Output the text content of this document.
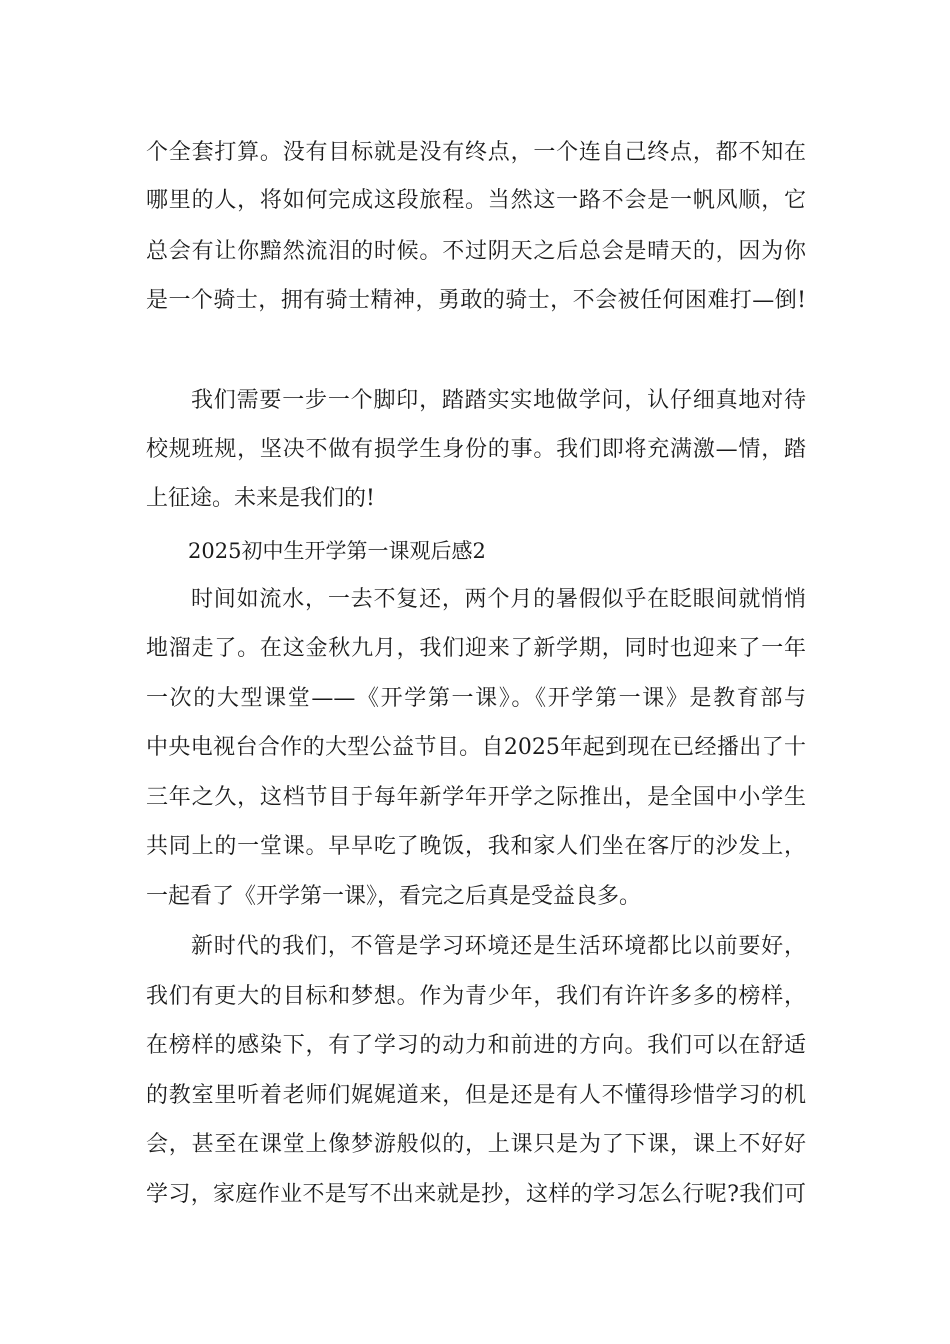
个全套打算。没有目标就是没有终点，一个连自己终点，都不知在
哪里的人，将如何完成这段旅程。当然这一路不会是一帆风顺，它
总会有让你黯然流泪的时候。不过阴天之后总会是晴天的，因为你
是一个骑士，拥有骑士精神，勇敢的骑士，不会被任何困难打—倒!
我们需要一步一个脚印，踏踏实实地做学问，认仔细真地对待
校规班规，坚决不做有损学生身份的事。我们即将充满激—情，踏
上征途。未来是我们的!
2025初中生开学第一课观后感2
时间如流水，一去不复还，两个月的暑假似乎在眨眼间就悄悄
地溜走了。在这金秋九月，我们迎来了新学期，同时也迎来了一年
一次的大型课堂——《开学第一课》。《开学第一课》是教育部与
中央电视台合作的大型公益节目。自2025年起到现在已经播出了十
三年之久，这档节目于每年新学年开学之际推出，是全国中小学生
共同上的一堂课。早早吃了晚饭，我和家人们坐在客厅的沙发上，
一起看了《开学第一课》，看完之后真是受益良多。
新时代的我们，不管是学习环境还是生活环境都比以前要好，
我们有更大的目标和梦想。作为青少年，我们有许许多多的榜样，
在榜样的感染下，有了学习的动力和前进的方向。我们可以在舒适
的教室里听着老师们娓娓道来，但是还是有人不懂得珍惜学习的机
会，甚至在课堂上像梦游般似的，上课只是为了下课，课上不好好
学习，家庭作业不是写不出来就是抄，这样的学习怎么行呢?我们可
